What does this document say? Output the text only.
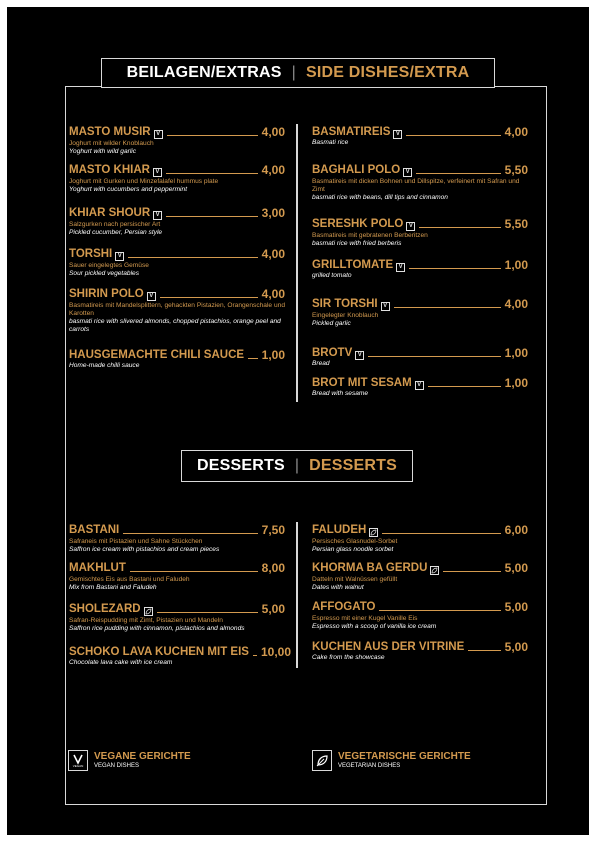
BEILAGEN/EXTRAS | SIDE DISHES/EXTRA
DESSERTS | DESSERTS
MASTO MUSIR V	4,00
Joghurt mit wilder Knoblauch
Yoghurt with wild garlic
MASTO KHIAR V	4,00
Joghurt mit Gurken und Minzefalafel hummus plate
Yoghurt with cucumbers and peppermint
KHIAR SHOUR V	3,00
Salzgurken nach persischer Art
Pickled cucumber, Persian style
TORSHI V	4,00
Sauer eingelegtes Gemüse
Sour pickled vegetables
SHIRIN POLO V	4,00
Basmatireis mit Mandelsplittern, gehackten Pistazien, Orangenschale und Karotten
basmati rice with slivered almonds, chopped pistachios, orange peel and carrots
HAUSGEMACHTE CHILI SAUCE 1,00
Home-made chilli sauce
BASMATIREIS V	4,00
Basmati rice
BAGHALI POLO V	5,50
Basmatireis mit dicken Bohnen und Dillspitze, verfeinert mit Safran und Zimt
basmati rice with beans, dill tips and cinnamon
SERESHK POLO V	5,50
Basmatireis mit gebratenen Berberitzen
basmati rice with fried berberis
GRILLTOMATE V	1,00
grilled tomato
SIR TORSHI V	4,00
Eingelegter Knoblauch
Pickled garlic
BROTV V	1,00
Bread
BROT MIT SESAM V	1,00
Bread with sesame
BASTANI	7,50
Safraneis mit Pistazien und Sahne Stückchen
Saffron ice cream with pistachios and cream pieces
MAKHLUT	8,00
Gemischtes Eis aus Bastani und Faludeh
Mix from Bastani and Faludeh
SHOLEZARD	5,00
Safran-Reispudding mit Zimt, Pistazien und Mandeln
Saffron rice pudding with cinnamon, pistachios and almonds
SCHOKO LAVA KUCHEN MIT EIS 10,00
Chocolate lava cake with ice cream
FALUDEH	6,00
Persisches Glasnudel-Sorbet
Persian glass noodle sorbet
KHORMA BA GERDU	5,00
Datteln mit Walnüssen gefüllt
Dates with walnut
AFFOGATO	5,00
Espresso mit einer Kugel Vanille Eis
Espresso with a scoop of vanilla ice cream
KUCHEN AUS DER VITRINE	5,00
Cake from the showcase
VEGAN
VEGANE GERICHTE
VEGAN DISHES
VEGETARISCHE GERICHTE
VEGETARIAN DISHES
